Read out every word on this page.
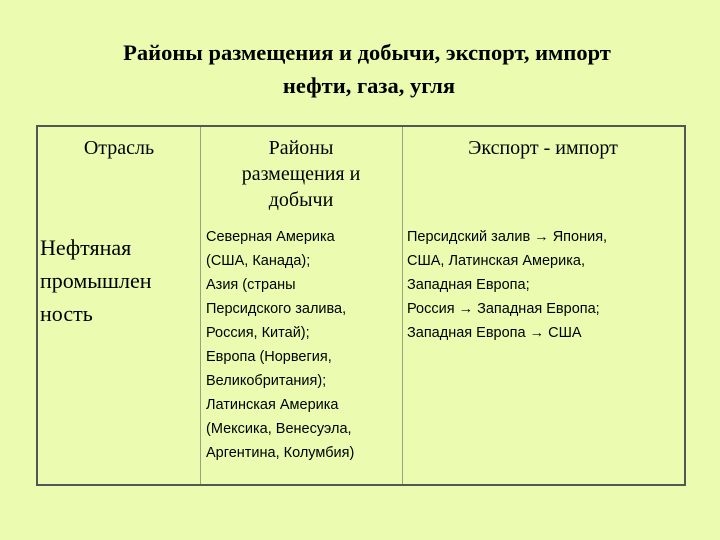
Районы размещения и добычи, экспорт, импорт
нефти, газа, угля
Отрасль	Районы
размещения и
добычи
Экспорт - импорт
Нефтяная
промышлен
ность
Северная Америка
(США, Канада);
Азия (страны
Персидского залива,
Россия, Китай);
Европа (Норвегия,
Великобритания);
Латинская Америка
(Мексика, Венесуэла,
Аргентина, Колумбия)
Персидский залив → Япония,
США, Латинская Америка,
Западная Европа;
Россия → Западная Европа;
Западная Европа → США
